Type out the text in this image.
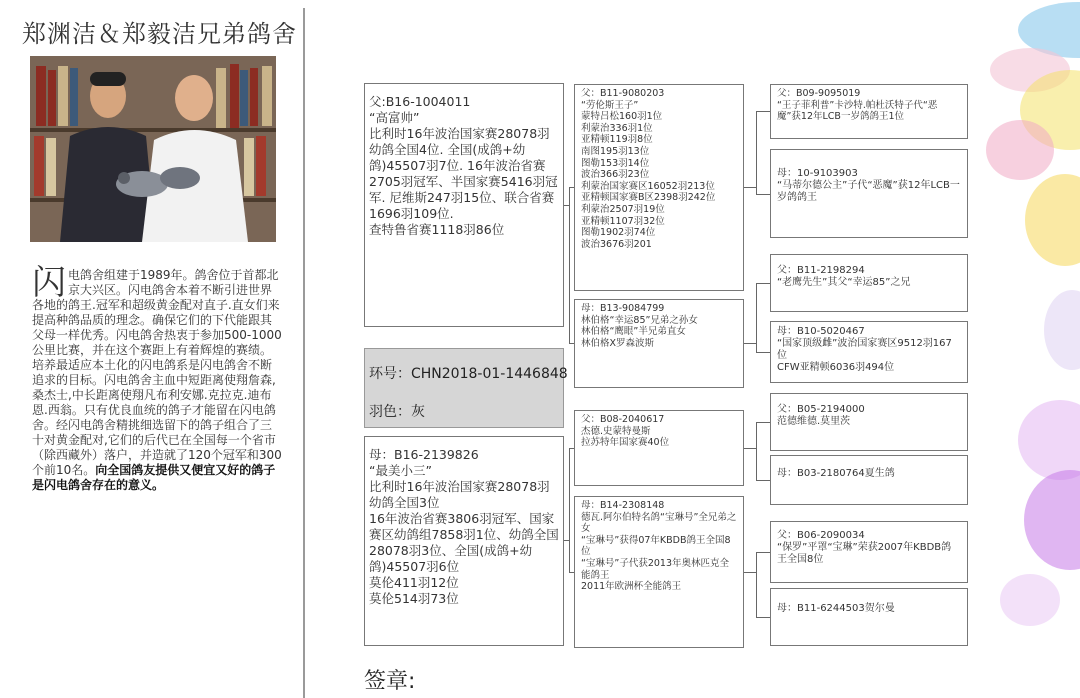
郑渊洁＆郑毅洁兄弟鸽舍
闪电鸽舍组建于1989年。鸽舍位于首都北京大兴区。闪电鸽舍本着不断引进世界各地的鸽王.冠军和超级黄金配对直子.直女们来提高种鸽品质的理念。确保它们的下代能跟其父母一样优秀。闪电鸽舍热衷于参加500-1000公里比赛，并在这个赛距上有着辉煌的赛绩。培养最适应本土化的闪电鸽系是闪电鸽舍不断追求的目标。闪电鸽舍主血中短距离使翔詹森,桑杰士,中长距离使翔凡布利安娜.克拉克.迪布恩.西翁。只有优良血统的鸽子才能留在闪电鸽舍。经闪电鸽舍精挑细选留下的鸽子组合了三十对黄金配对,它们的后代已在全国每一个省市（除西藏外）落户，并造就了120个冠军和300个前10名。向全国鸽友提供又便宜又好的鸽子是闪电鸽舍存在的意义。
父:B16-1004011
“高富帅”
比利时16年波治国家赛28078羽幼鸽全国4位. 全国(成鸽+幼鸽)45507羽7位. 16年波治省赛2705羽冠军、半国家赛5416羽冠军. 尼维斯247羽15位、联合省赛1696羽109位.
查特鲁省赛1118羽86位
环号：CHN2018-01-1446848
羽色：灰
母：B16-2139826
“最美小三”
比利时16年波治国家赛28078羽幼鸽全国3位
16年波治省赛3806羽冠军、国家赛区幼鸽组7858羽1位、幼鸽全国28078羽3位、全国(成鸽+幼鸽)45507羽6位
莫伦411羽12位
莫伦514羽73位
父：B11-9080203
“劳伦斯王子”
蒙特吕松160羽1位
利蒙治336羽1位
亚精顿119羽8位
南图195羽13位
图勒153羽14位
波治366羽23位
利蒙治国家赛区16052羽213位
亚精顿国家赛B区2398羽242位
利蒙治2507羽19位
亚精顿1107羽32位
图勒1902羽74位
波治3676羽201
母：B13-9084799
林伯格“幸运85”兄弟之孙女
林伯格“鹰眼”半兄弟直女
林伯格X罗森波斯
父：B08-2040617
杰德.史蒙特曼斯
拉苏特年国家赛40位
母：B14-2308148
德瓦.阿尔伯特名鸽“宝琳号”全兄弟之女
“宝琳号”获得07年KBDB鸽王全国8位
“宝琳号”子代获2013年奥林匹克全能鸽王
2011年欧洲杯全能鸽王
父：B09-9095019
“王子菲利普”卡沙特.帕杜沃特子代“恶魔”获12年LCB一岁鸽鸽王1位
母：10-9103903
“马蒂尔德公主”子代“恶魔”获12年LCB一岁鸽鸽王
父：B11-2198294
“老鹰先生”其父“幸运85”之兄
母：B10-5020467
“国家顶级雌”波治国家赛区9512羽167位
CFW亚精顿6036羽494位
父：B05-2194000
范德维德.莫里茨
母：B03-2180764夏生鸽
父：B06-2090034
“保罗”平罩“宝琳”荣获2007年KBDB鸽王全国8位
母：B11-6244503贺尔曼
签章:
